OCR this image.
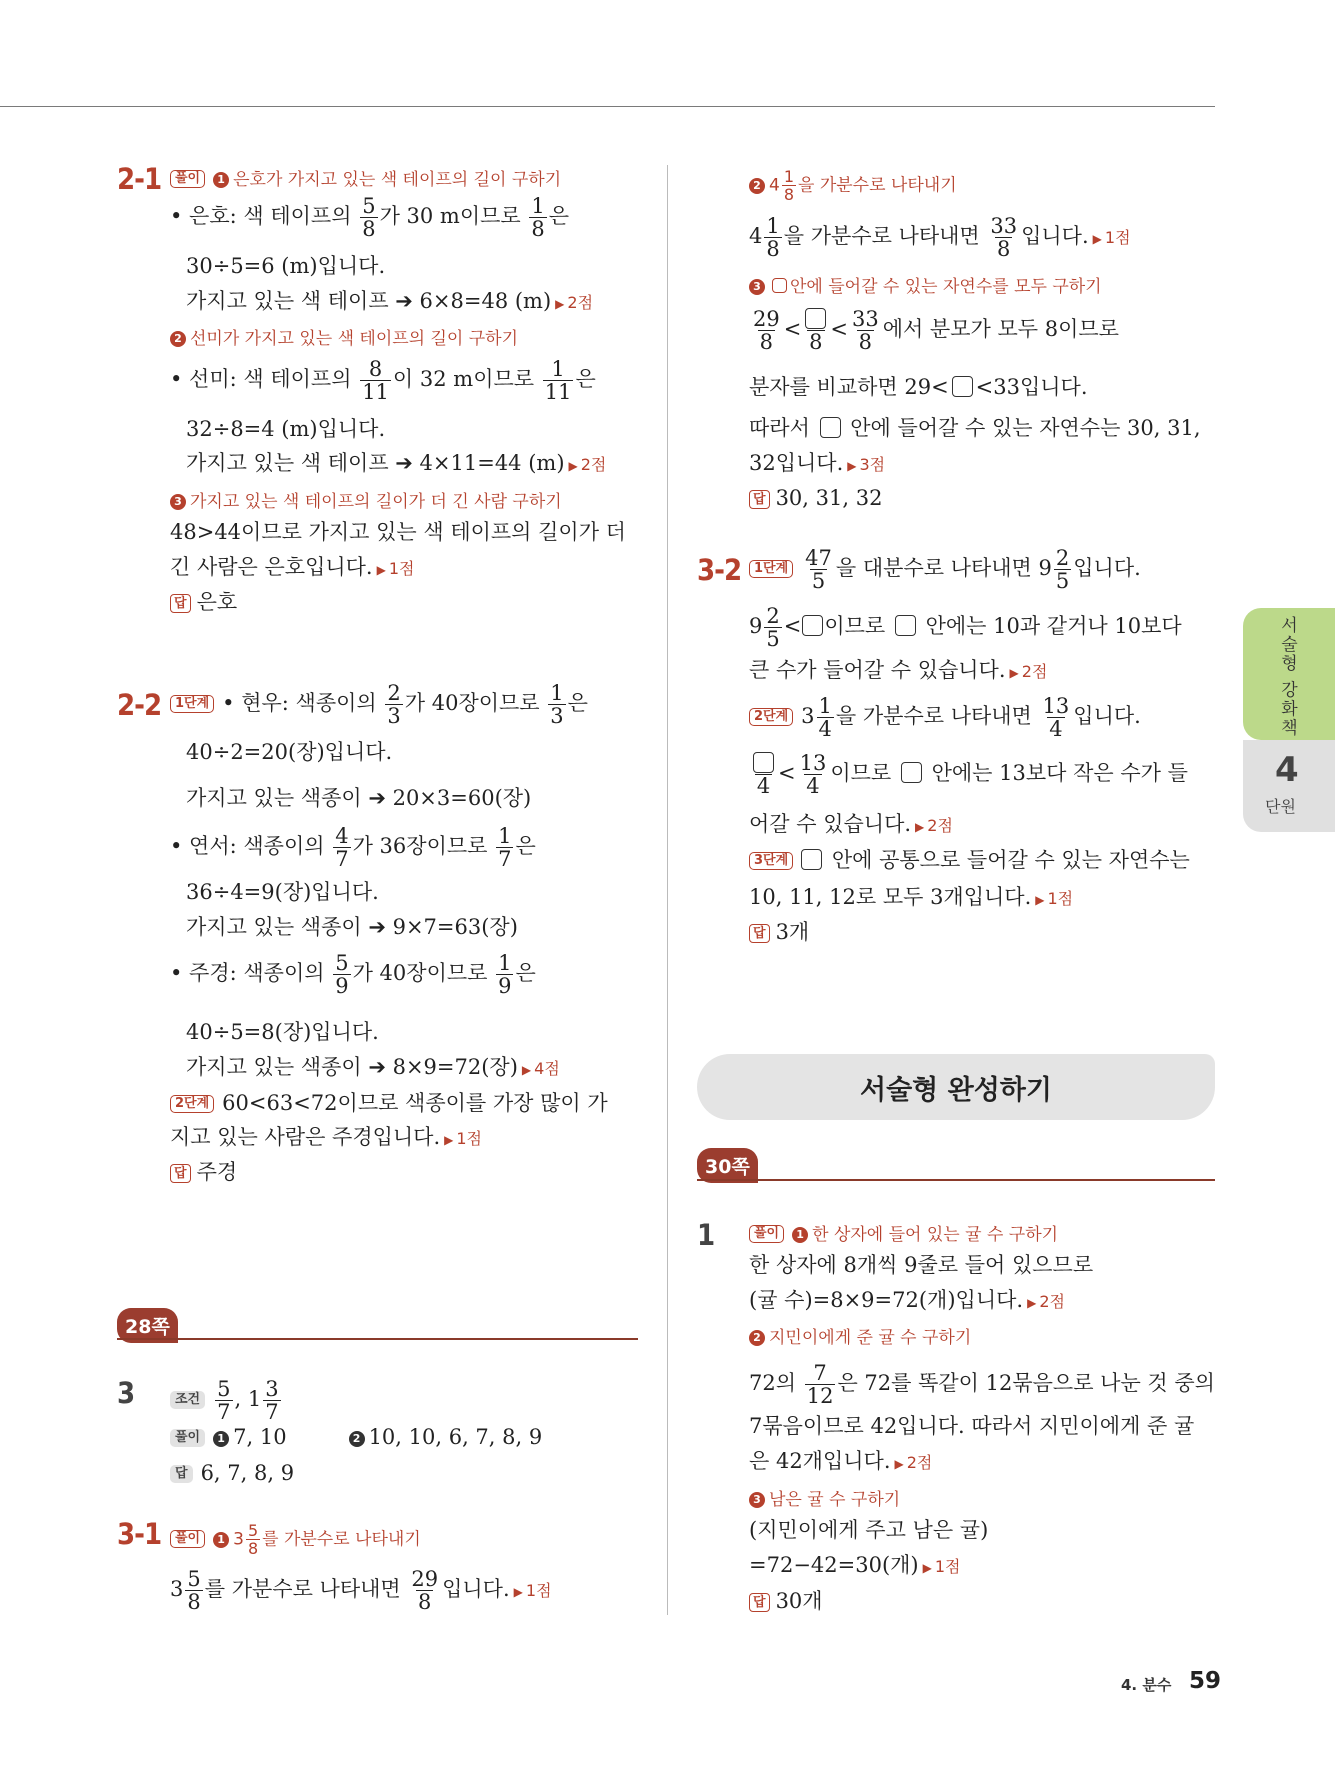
2-1	풀이 1 은호가 가지고 있는 색 테이프의 길이 구하기
• 은호: 색 테이프의 $\frac{5}{8}$ 가 30 m이므로 $\frac{1}{8}$ 은
30÷5=6 (m)입니다.
가지고 있는 색 테이프 ➔ 6×8=48 (m) ▶ 2점
2 선미가 가지고 있는 색 테이프의 길이 구하기
• 선미: 색 테이프의 $\frac{8}{11}$ 이 32 m이므로 $\frac{1}{11}$ 은
32÷8=4 (m)입니다.
가지고 있는 색 테이프 ➔ 4×11=44 (m) ▶ 2점
3 가지고 있는 색 테이프의 길이가 더 긴 사람 구하기
48>44이므로 가지고 있는 색 테이프의 길이가 더
긴 사람은 은호입니다. ▶ 1점
답 은호
2-2	1단계 • 현우: 색종이의 $\frac{2}{3}$ 가 40장이므로 $\frac{1}{3}$ 은
40÷2=20(장)입니다.
가지고 있는 색종이 ➔ 20×3=60(장)
• 연서: 색종이의 $\frac{4}{7}$ 가 36장이므로 $\frac{1}{7}$ 은
36÷4=9(장)입니다.
가지고 있는 색종이 ➔ 9×7=63(장)
• 주경: 색종이의 $\frac{5}{9}$ 가 40장이므로 $\frac{1}{9}$ 은
40÷5=8(장)입니다.
가지고 있는 색종이 ➔ 8×9=72(장) ▶ 4점
2단계 60<63<72이므로 색종이를 가장 많이 가
지고 있는 사람은 주경입니다. ▶ 1점
답 주경
28쪽
3	조건 $\frac{5}{7}$ , $1 \frac{3}{7}$
풀이 1 7, 10	2 10, 10, 6, 7, 8, 9
답 6, 7, 8, 9
3-1	풀이 1 $3 \frac{5}{8}$ 를 가분수로 나타내기
$3 \frac{5}{8}$ 를 가분수로 나타내면 $\frac{29}{8}$ 입니다. ▶ 1점
2 $4 \frac{1}{8}$ 을 가분수로 나타내기
$4 \frac{1}{8}$ 을 가분수로 나타내면 $\frac{33}{8}$ 입니다. ▶ 1점
3 안에 들어갈 수 있는 자연수를 모두 구하기
$\frac{29}{8}$ <
8
< $\frac{33}{8}$ 에서 분모가 모두 8이므로
분자를 비교하면 29< <33입니다.
따라서 안에 들어갈 수 있는 자연수는 30, 31,
32입니다. ▶ 3점
답 30, 31, 32
3-2 1단계 $\frac{47}{5}$ 을 대분수로 나타내면 $9 \frac{2}{5}$ 입니다.
$9 \frac{2}{5}$ < 이므로 안에는 10과 같거나 10보다
큰 수가 들어갈 수 있습니다. ▶ 2점
2단계 $3 \frac{1}{4}$ 을 가분수로 나타내면 $\frac{13}{4}$ 입니다.
4
< $\frac{13}{4}$ 이므로 안에는 13보다 작은 수가 들
어갈 수 있습니다. ▶ 2점
3단계 안에 공통으로 들어갈 수 있는 자연수는
10, 11, 12로 모두 3개입니다. ▶ 1점
답 3개
서술형 완성하기
30쪽
1	풀이 1 한 상자에 들어 있는 귤 수 구하기
한 상자에 8개씩 9줄로 들어 있으므로
(귤 수)=8×9=72(개)입니다. ▶ 2점
2 지민이에게 준 귤 수 구하기
72의 $\frac{7}{12}$ 은 72를 똑같이 12묶음으로 나눈 것 중의
7묶음이므로 42입니다. 따라서 지민이에게 준 귤
은 42개입니다. ▶ 2점
3 남은 귤 수 구하기
(지민이에게 주고 남은 귤)
=72−42=30(개) ▶ 1점
답 30개
서술형 강화책
4
단원
4. 분수 59
